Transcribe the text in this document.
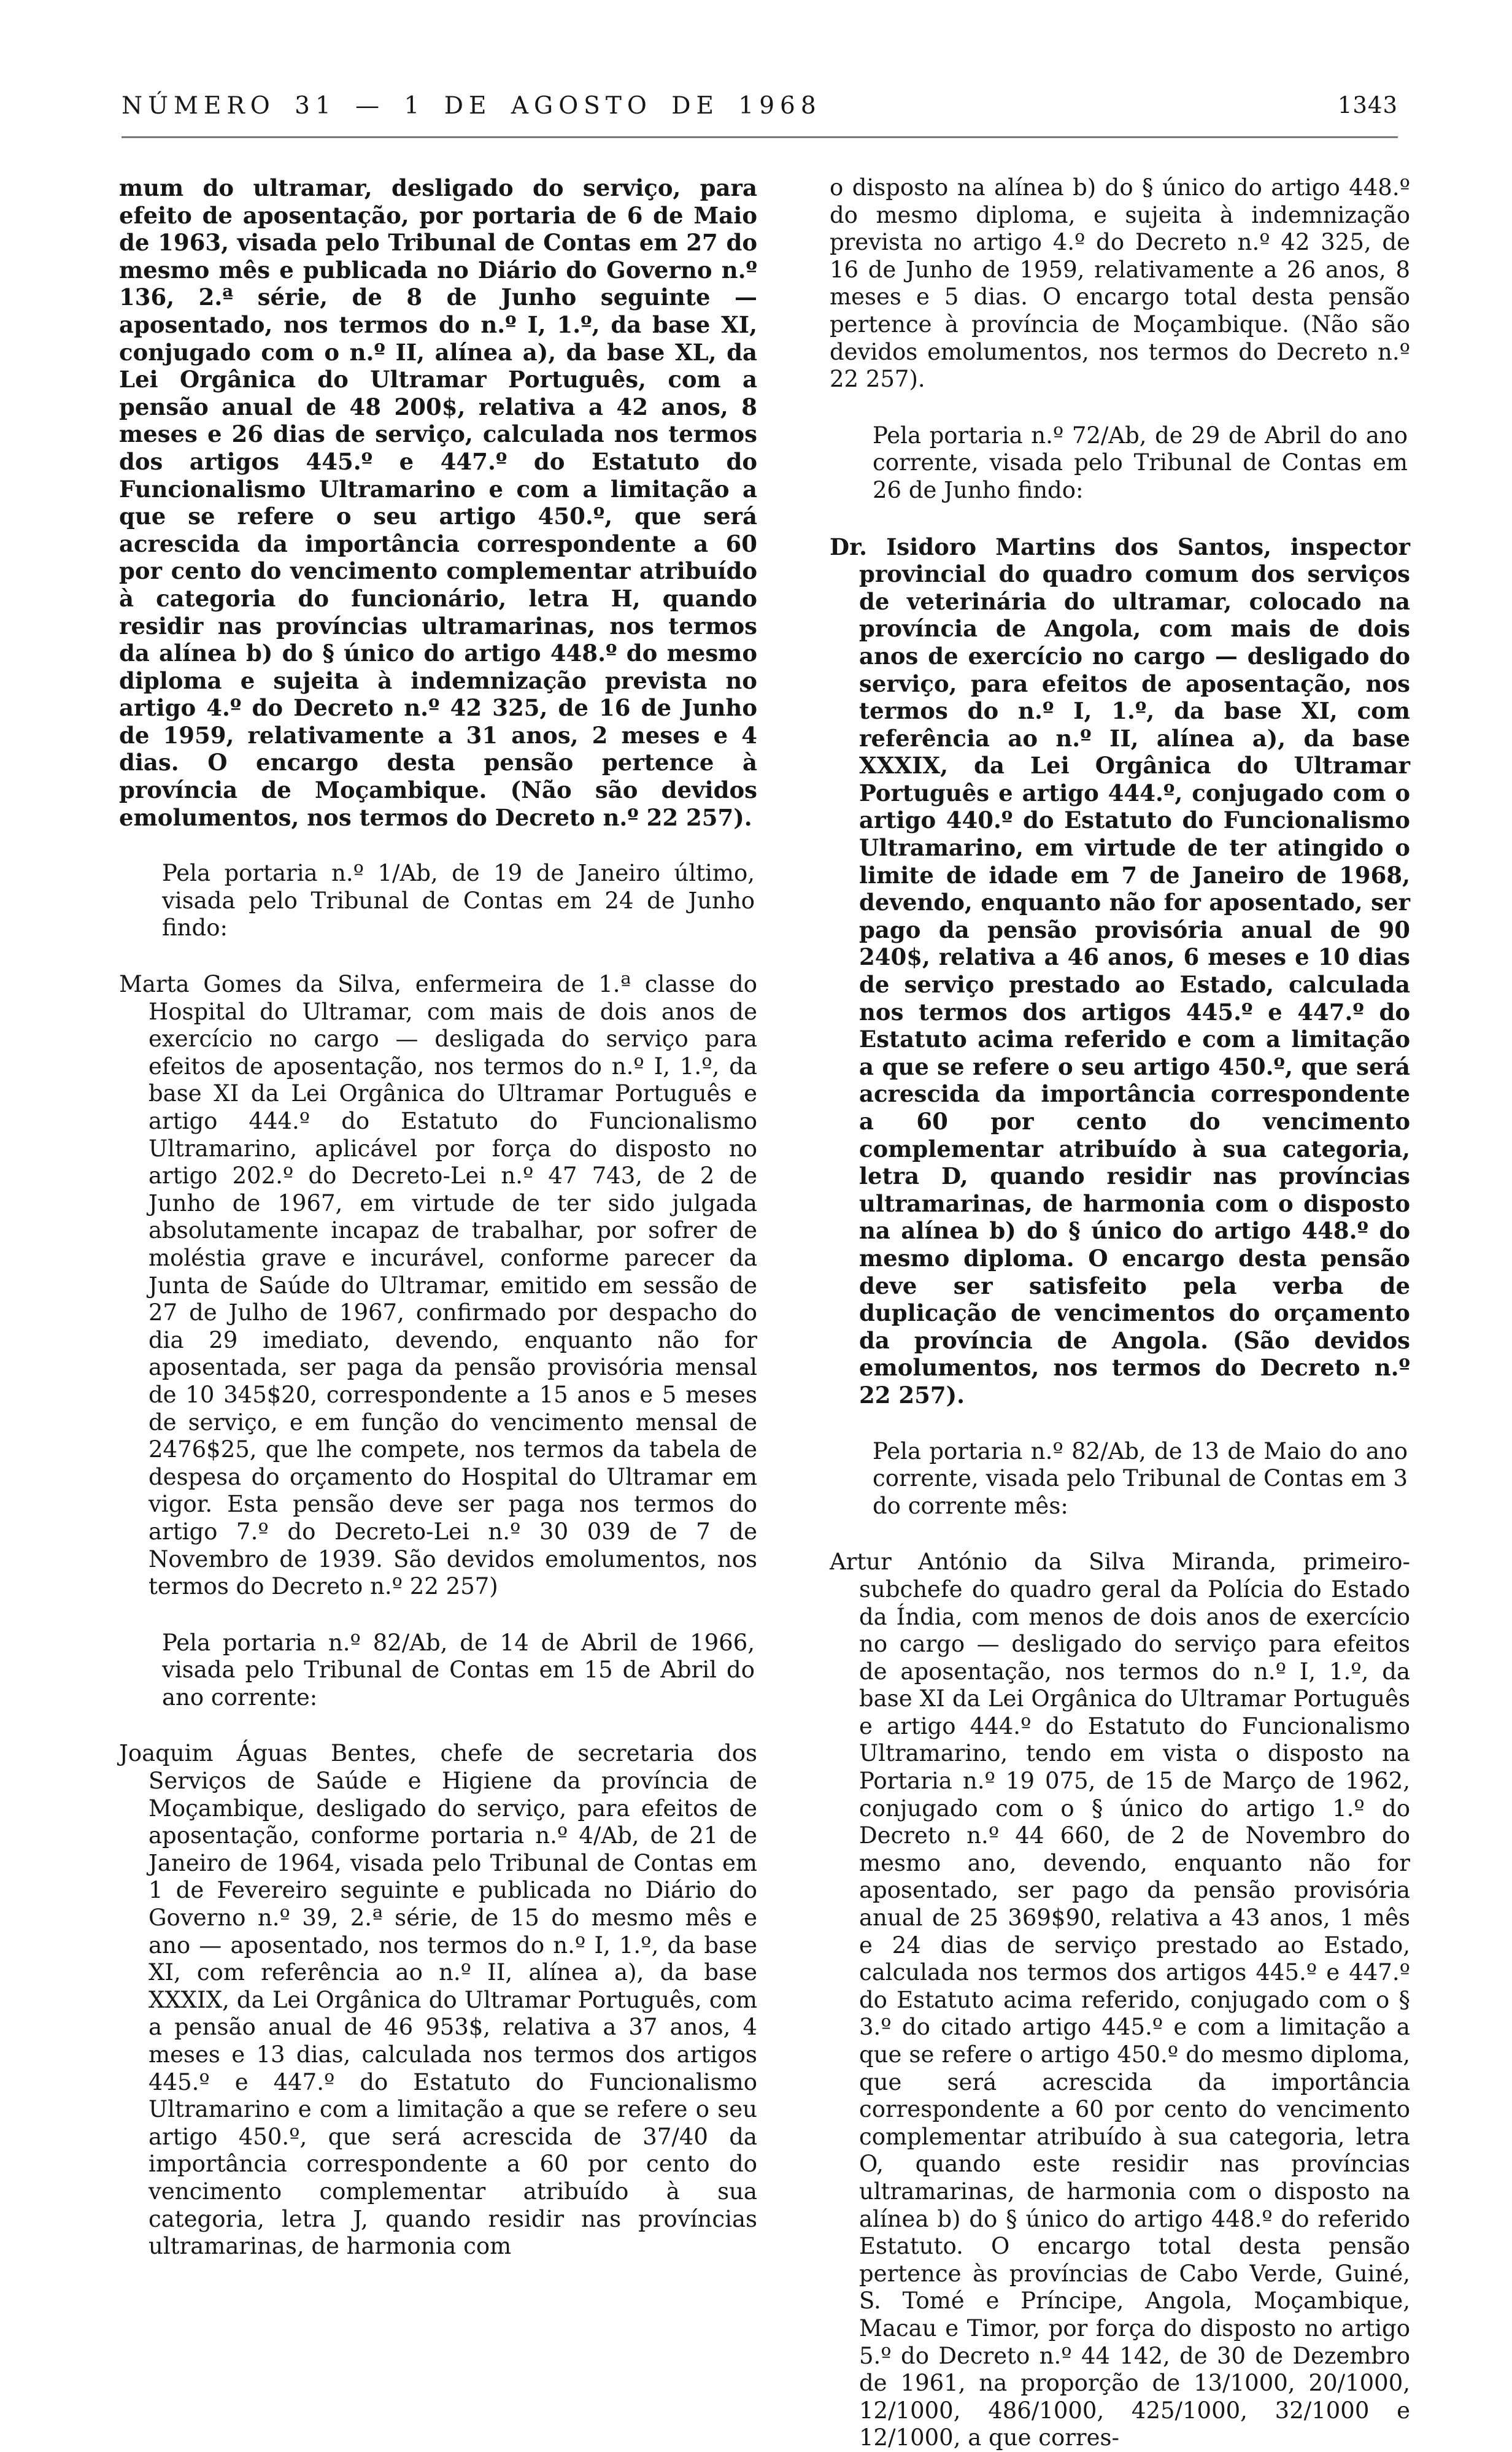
NÚMERO 31 — 1 DE AGOSTO DE 1968	1343

mum do ultramar, desligado do serviço, para efeito de aposentação, por portaria de 6 de Maio de 1963, visada pelo Tribunal de Contas em 27 do mesmo mês e publicada no Diário do Governo n.º 136, 2.ª série, de 8 de Junho seguinte — aposentado, nos termos do n.º I, 1.º, da base XI, conjugado com o n.º II, alínea a), da base XL, da Lei Orgânica do Ultramar Português, com a pensão anual de 48 200$, relativa a 42 anos, 8 meses e 26 dias de serviço, calculada nos termos dos artigos 445.º e 447.º do Estatuto do Funcionalismo Ultramarino e com a limitação a que se refere o seu artigo 450.º, que será acrescida da importância correspondente a 60 por cento do vencimento complementar atribuído à categoria do funcionário, letra H, quando residir nas províncias ultramarinas, nos termos da alínea b) do § único do artigo 448.º do mesmo diploma e sujeita à indemnização prevista no artigo 4.º do Decreto n.º 42 325, de 16 de Junho de 1959, relativamente a 31 anos, 2 meses e 4 dias. O encargo desta pensão pertence à província de Moçambique. (Não são devidos emolumentos, nos termos do Decreto n.º 22 257).

Pela portaria n.º 1/Ab, de 19 de Janeiro último, visada pelo Tribunal de Contas em 24 de Junho findo:

Marta Gomes da Silva, enfermeira de 1.ª classe do Hospital do Ultramar, com mais de dois anos de exercício no cargo — desligada do serviço para efeitos de aposentação, nos termos do n.º I, 1.º, da base XI da Lei Orgânica do Ultramar Português e artigo 444.º do Estatuto do Funcionalismo Ultramarino, aplicável por força do disposto no artigo 202.º do Decreto-Lei n.º 47 743, de 2 de Junho de 1967, em virtude de ter sido julgada absolutamente incapaz de trabalhar, por sofrer de moléstia grave e incurável, conforme parecer da Junta de Saúde do Ultramar, emitido em sessão de 27 de Julho de 1967, confirmado por despacho do dia 29 imediato, devendo, enquanto não for aposentada, ser paga da pensão provisória mensal de 10 345$20, correspondente a 15 anos e 5 meses de serviço, e em função do vencimento mensal de 2476$25, que lhe compete, nos termos da tabela de despesa do orçamento do Hospital do Ultramar em vigor. Esta pensão deve ser paga nos termos do artigo 7.º do Decreto-Lei n.º 30 039 de 7 de Novembro de 1939. São devidos emolumentos, nos termos do Decreto n.º 22 257)

Pela portaria n.º 82/Ab, de 14 de Abril de 1966, visada pelo Tribunal de Contas em 15 de Abril do ano corrente:

Joaquim Águas Bentes, chefe de secretaria dos Serviços de Saúde e Higiene da província de Moçambique, desligado do serviço, para efeitos de aposentação, conforme portaria n.º 4/Ab, de 21 de Janeiro de 1964, visada pelo Tribunal de Contas em 1 de Fevereiro seguinte e publicada no Diário do Governo n.º 39, 2.ª série, de 15 do mesmo mês e ano — aposentado, nos termos do n.º I, 1.º, da base XI, com referência ao n.º II, alínea a), da base XXXIX, da Lei Orgânica do Ultramar Português, com a pensão anual de 46 953$, relativa a 37 anos, 4 meses e 13 dias, calculada nos termos dos artigos 445.º e 447.º do Estatuto do Funcionalismo Ultramarino e com a limitação a que se refere o seu artigo 450.º, que será acrescida de 37/40 da importância correspondente a 60 por cento do vencimento complementar atribuído à sua categoria, letra J, quando residir nas províncias ultramarinas, de harmonia com

o disposto na alínea b) do § único do artigo 448.º do mesmo diploma, e sujeita à indemnização prevista no artigo 4.º do Decreto n.º 42 325, de 16 de Junho de 1959, relativamente a 26 anos, 8 meses e 5 dias. O encargo total desta pensão pertence à província de Moçambique. (Não são devidos emolumentos, nos termos do Decreto n.º 22 257).

Pela portaria n.º 72/Ab, de 29 de Abril do ano corrente, visada pelo Tribunal de Contas em 26 de Junho findo:

Dr. Isidoro Martins dos Santos, inspector provincial do quadro comum dos serviços de veterinária do ultramar, colocado na província de Angola, com mais de dois anos de exercício no cargo — desligado do serviço, para efeitos de aposentação, nos termos do n.º I, 1.º, da base XI, com referência ao n.º II, alínea a), da base XXXIX, da Lei Orgânica do Ultramar Português e artigo 444.º, conjugado com o artigo 440.º do Estatuto do Funcionalismo Ultramarino, em virtude de ter atingido o limite de idade em 7 de Janeiro de 1968, devendo, enquanto não for aposentado, ser pago da pensão provisória anual de 90 240$, relativa a 46 anos, 6 meses e 10 dias de serviço prestado ao Estado, calculada nos termos dos artigos 445.º e 447.º do Estatuto acima referido e com a limitação a que se refere o seu artigo 450.º, que será acrescida da importância correspondente a 60 por cento do vencimento complementar atribuído à sua categoria, letra D, quando residir nas províncias ultramarinas, de harmonia com o disposto na alínea b) do § único do artigo 448.º do mesmo diploma. O encargo desta pensão deve ser satisfeito pela verba de duplicação de vencimentos do orçamento da província de Angola. (São devidos emolumentos, nos termos do Decreto n.º 22 257).

Pela portaria n.º 82/Ab, de 13 de Maio do ano corrente, visada pelo Tribunal de Contas em 3 do corrente mês:

Artur António da Silva Miranda, primeiro-subchefe do quadro geral da Polícia do Estado da Índia, com menos de dois anos de exercício no cargo — desligado do serviço para efeitos de aposentação, nos termos do n.º I, 1.º, da base XI da Lei Orgânica do Ultramar Português e artigo 444.º do Estatuto do Funcionalismo Ultramarino, tendo em vista o disposto na Portaria n.º 19 075, de 15 de Março de 1962, conjugado com o § único do artigo 1.º do Decreto n.º 44 660, de 2 de Novembro do mesmo ano, devendo, enquanto não for aposentado, ser pago da pensão provisória anual de 25 369$90, relativa a 43 anos, 1 mês e 24 dias de serviço prestado ao Estado, calculada nos termos dos artigos 445.º e 447.º do Estatuto acima referido, conjugado com o § 3.º do citado artigo 445.º e com a limitação a que se refere o artigo 450.º do mesmo diploma, que será acrescida da importância correspondente a 60 por cento do vencimento complementar atribuído à sua categoria, letra O, quando este residir nas províncias ultramarinas, de harmonia com o disposto na alínea b) do § único do artigo 448.º do referido Estatuto. O encargo total desta pensão pertence às províncias de Cabo Verde, Guiné, S. Tomé e Príncipe, Angola, Moçambique, Macau e Timor, por força do disposto no artigo 5.º do Decreto n.º 44 142, de 30 de Dezembro de 1961, na proporção de 13/1000, 20/1000, 12/1000, 486/1000, 425/1000, 32/1000 e 12/1000, a que corres-
